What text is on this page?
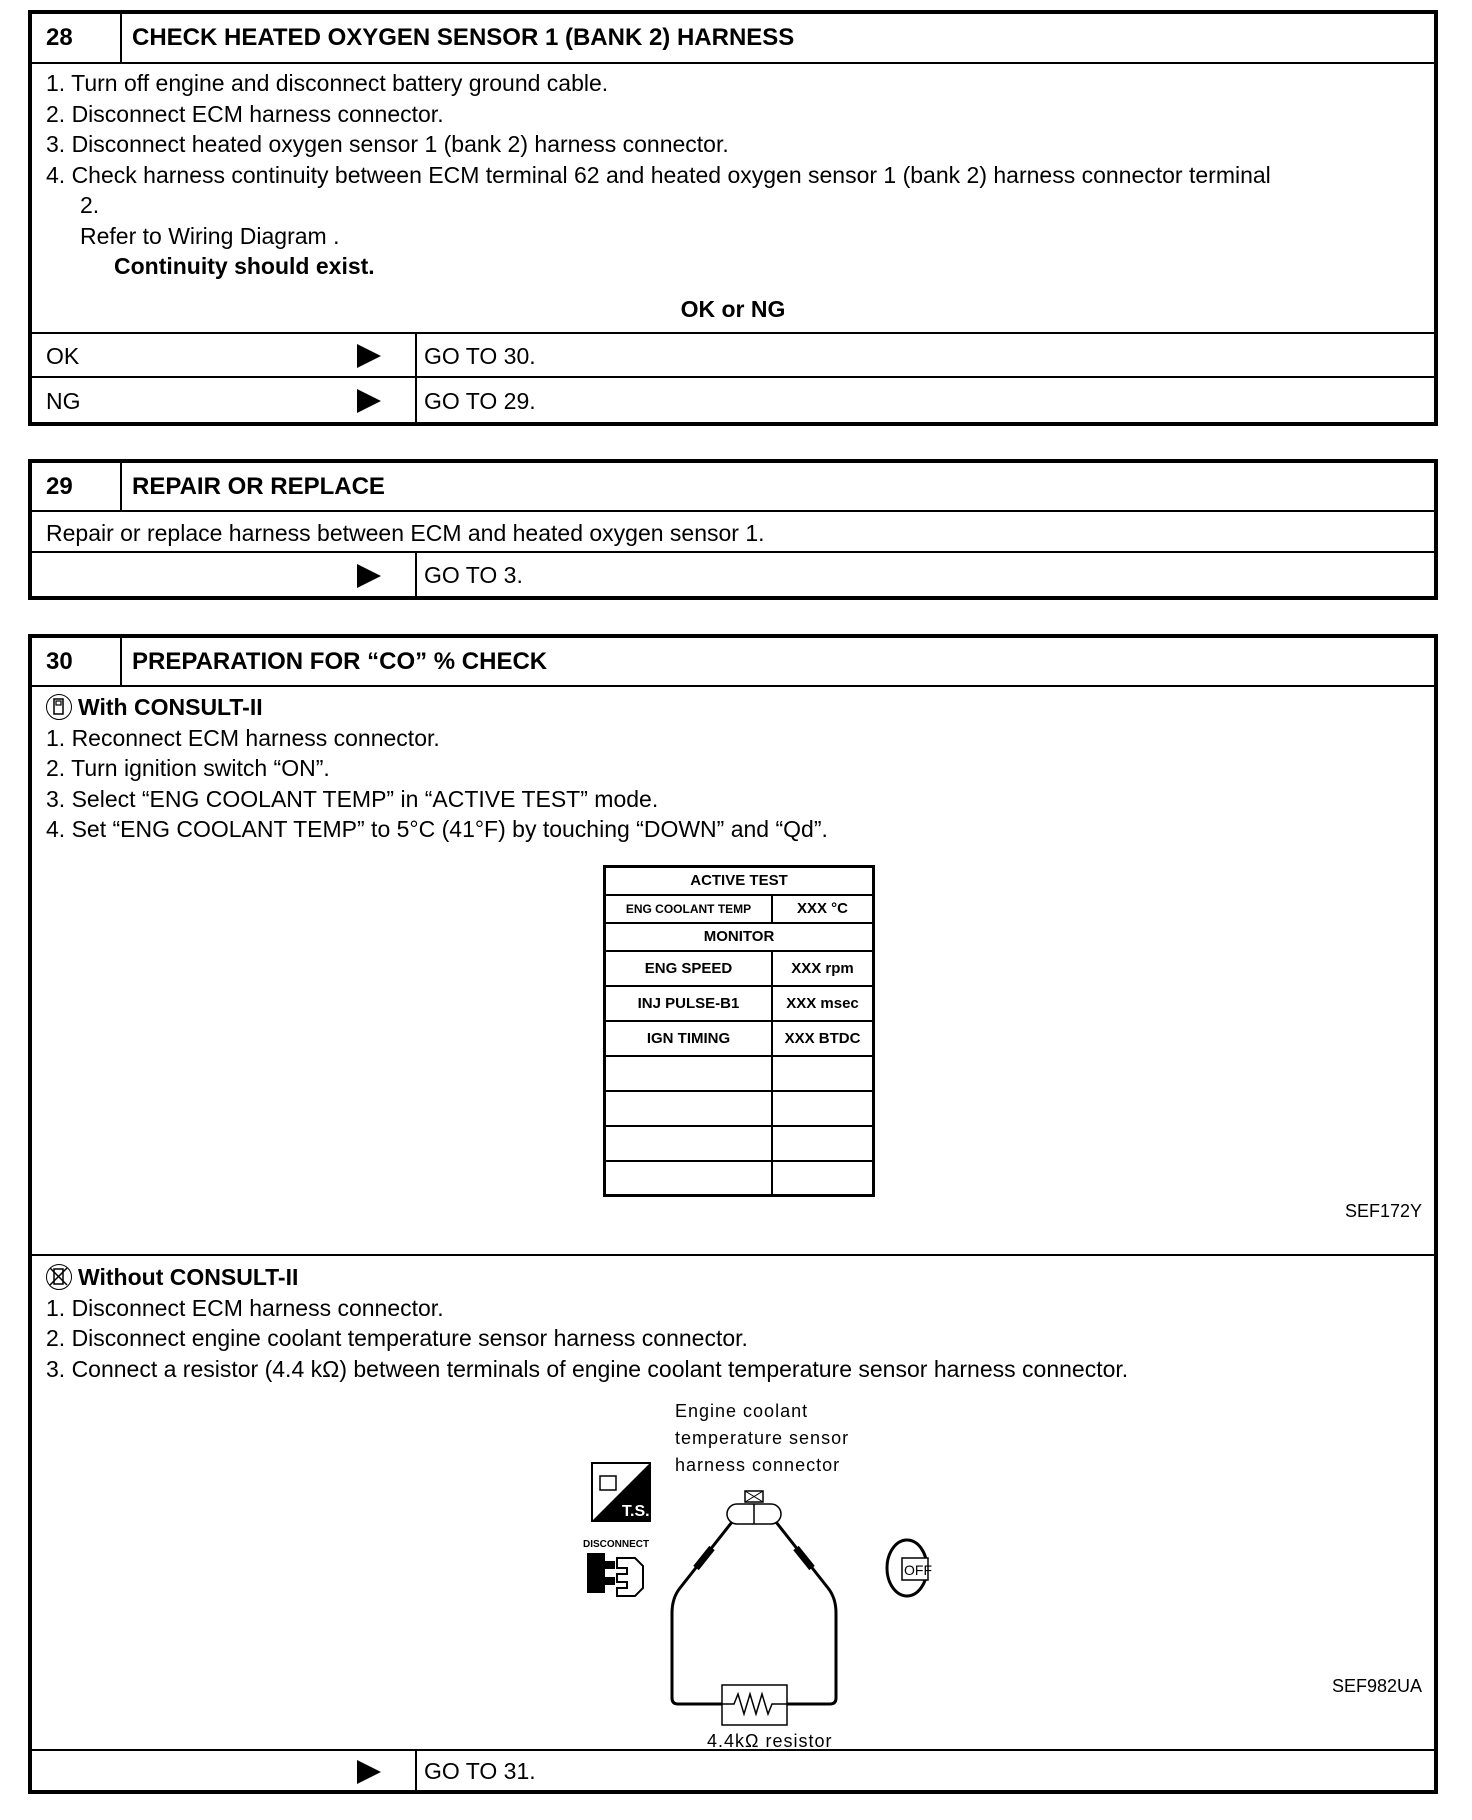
28	CHECK HEATED OXYGEN SENSOR 1 (BANK 2) HARNESS
1. Turn off engine and disconnect battery ground cable.
2. Disconnect ECM harness connector.
3. Disconnect heated oxygen sensor 1 (bank 2) harness connector.
4. Check harness continuity between ECM terminal 62 and heated oxygen sensor 1 (bank 2) harness connector terminal
2.
Refer to Wiring Diagram .
Continuity should exist.
OK or NG
OK	GO TO 30.
NG	GO TO 29.
29	REPAIR OR REPLACE
Repair or replace harness between ECM and heated oxygen sensor 1.
GO TO 3.
30	PREPARATION FOR “CO” % CHECK
With CONSULT-II
1. Reconnect ECM harness connector.
2. Turn ignition switch “ON”.
3. Select “ENG COOLANT TEMP” in “ACTIVE TEST” mode.
4. Set “ENG COOLANT TEMP” to 5°C (41°F) by touching “DOWN” and “Qd”.
ACTIVE TEST	
ENG COOLANT TEMP	XXX °C
MONITOR	
ENG SPEED	XXX rpm
INJ PULSE-B1	XXX msec
IGN TIMING	XXX BTDC

SEF172Y
Without CONSULT-II
1. Disconnect ECM harness connector.
2. Disconnect engine coolant temperature sensor harness connector.
3. Connect a resistor (4.4 kΩ) between terminals of engine coolant temperature sensor harness connector.
Engine coolant
temperature sensor
harness connector
T.S.
DISCONNECT
OFF
4.4kΩ resistor
SEF982UA
GO TO 31.
